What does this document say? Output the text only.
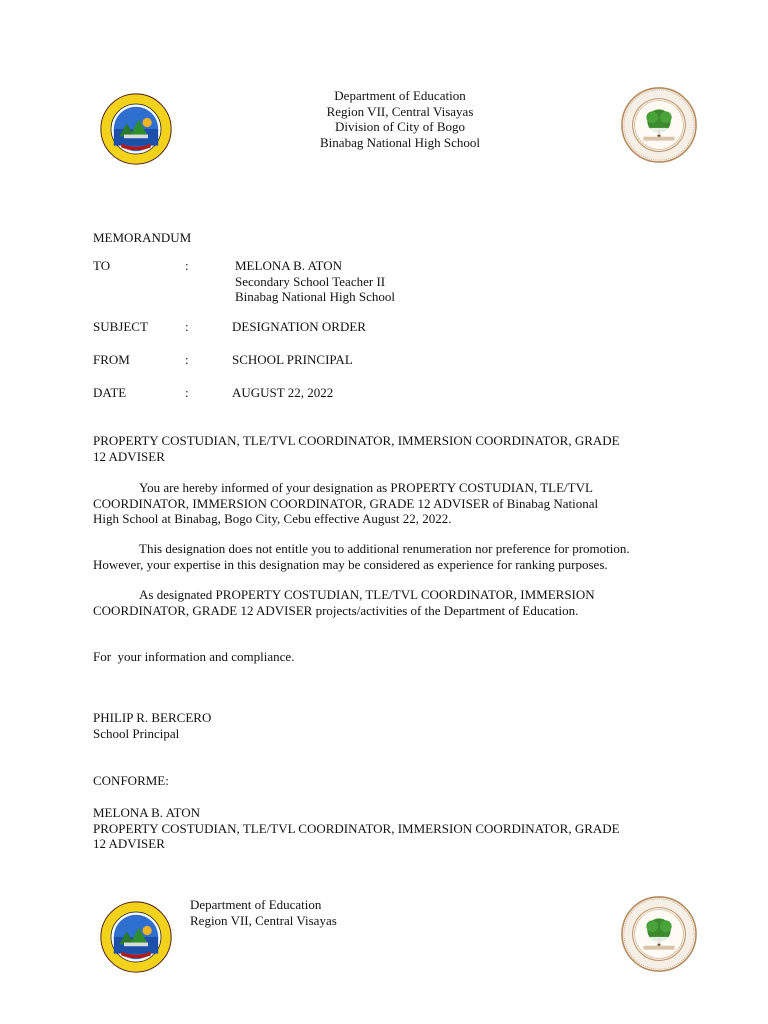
Department of Education
Region VII, Central Visayas
Division of City of Bogo
Binabag National High School
MEMORANDUM
TO	:	MELONA B. ATON
Secondary School Teacher II
Binabag National High School
SUBJECT	:	DESIGNATION ORDER
FROM	:	SCHOOL PRINCIPAL
DATE	:	AUGUST 22, 2022
PROPERTY COSTUDIAN, TLE/TVL COORDINATOR, IMMERSION COORDINATOR, GRADE
12 ADVISER
You are hereby informed of your designation as PROPERTY COSTUDIAN, TLE/TVL
COORDINATOR, IMMERSION COORDINATOR, GRADE 12 ADVISER of Binabag National
High School at Binabag, Bogo City, Cebu effective August 22, 2022.
This designation does not entitle you to additional renumeration nor preference for promotion.
However, your expertise in this designation may be considered as experience for ranking purposes.
As designated PROPERTY COSTUDIAN, TLE/TVL COORDINATOR, IMMERSION
COORDINATOR, GRADE 12 ADVISER projects/activities of the Department of Education.
For  your information and compliance.
PHILIP R. BERCERO
School Principal
CONFORME:
MELONA B. ATON
PROPERTY COSTUDIAN, TLE/TVL COORDINATOR, IMMERSION COORDINATOR, GRADE
12 ADVISER
Department of Education
Region VII, Central Visayas
